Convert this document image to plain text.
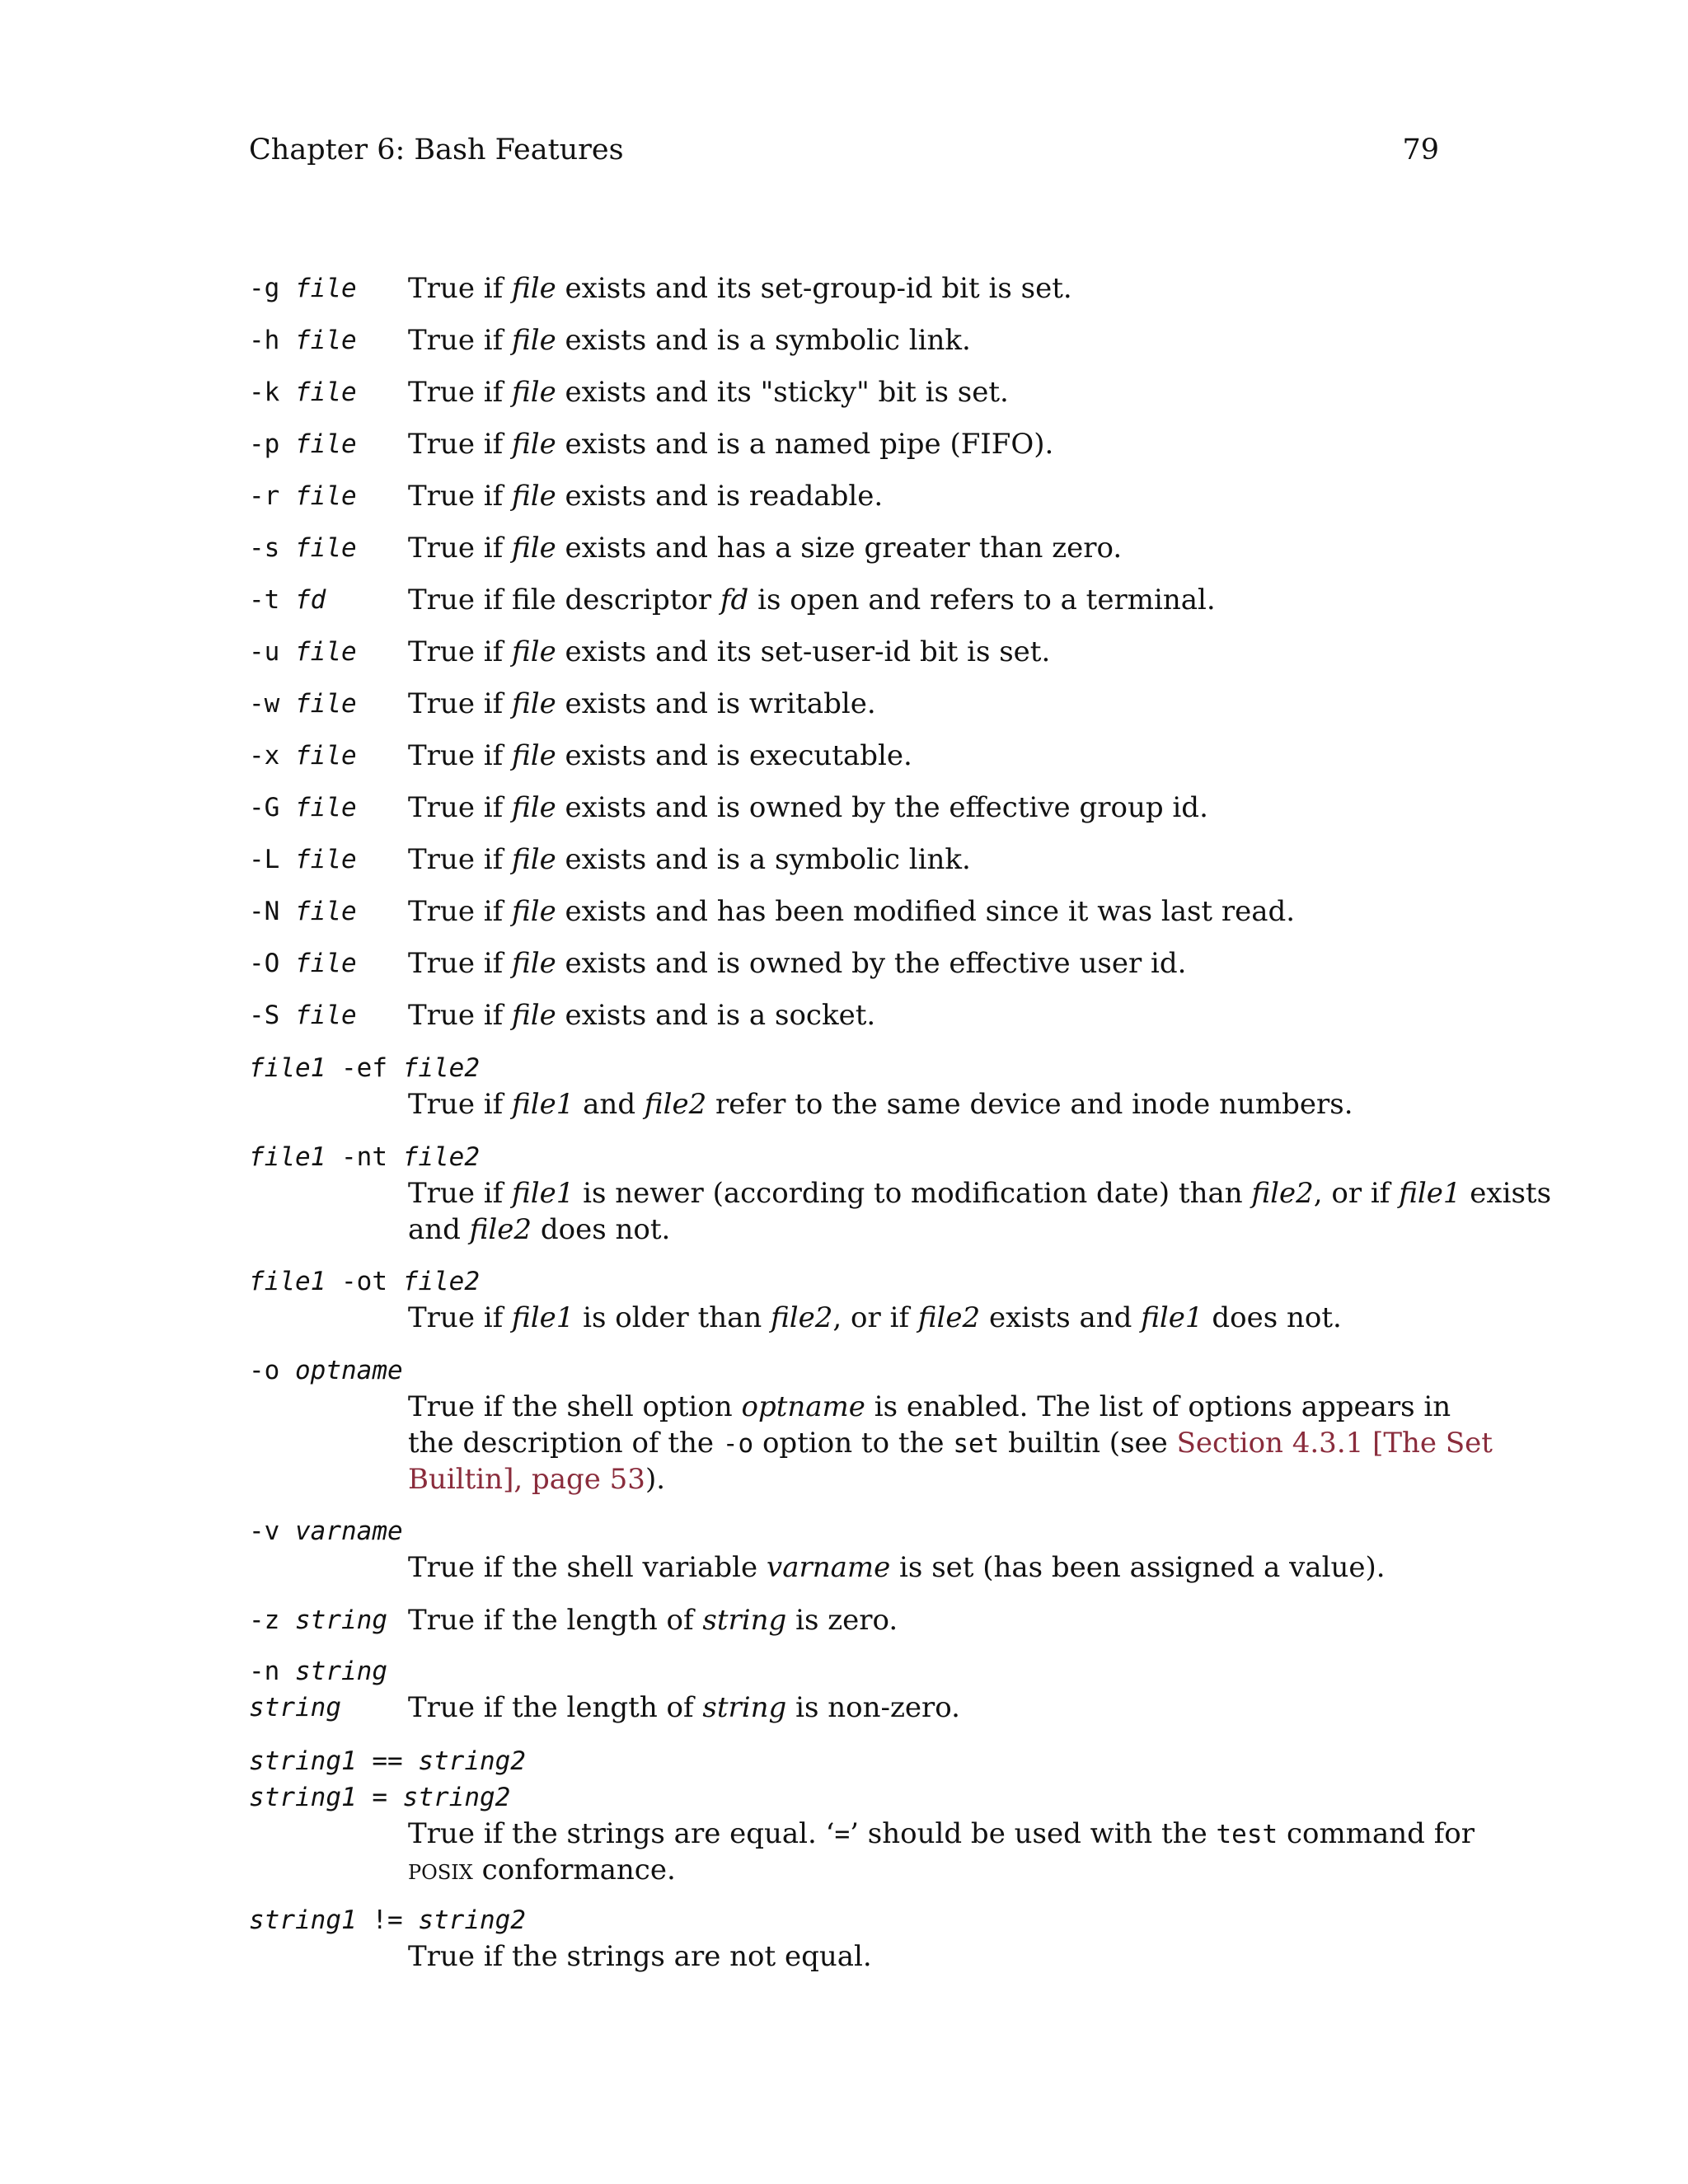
Chapter 6: Bash Features	79
-g file True if file exists and its set-group-id bit is set.
-h file True if file exists and is a symbolic link.
-k file True if file exists and its "sticky" bit is set.
-p file True if file exists and is a named pipe (FIFO).
-r file True if file exists and is readable.
-s file True if file exists and has a size greater than zero.
-t fd	True if file descriptor fd is open and refers to a terminal.
-u file True if file exists and its set-user-id bit is set.
-w file True if file exists and is writable.
-x file True if file exists and is executable.
-G file True if file exists and is owned by the effective group id.
-L file True if file exists and is a symbolic link.
-N file True if file exists and has been modified since it was last read.
-O file True if file exists and is owned by the effective user id.
-S file True if file exists and is a socket.
file1 -ef file2
True if file1 and file2 refer to the same device and inode numbers.
file1 -nt file2
True if file1 is newer (according to modification date) than file2, or if file1 exists
and file2 does not.
file1 -ot file2
True if file1 is older than file2, or if file2 exists and file1 does not.
-o optname
True if the shell option optname is enabled. The list of options appears in
the description of the -o option to the set builtin (see Section 4.3.1 [The Set
Builtin], page 53).
-v varname
True if the shell variable varname is set (has been assigned a value).
-z string True if the length of string is zero.
-n string
string True if the length of string is non-zero.
string1 == string2
string1 = string2
True if the strings are equal. ‘=’ should be used with the test command for
posix conformance.
string1 != string2
True if the strings are not equal.
